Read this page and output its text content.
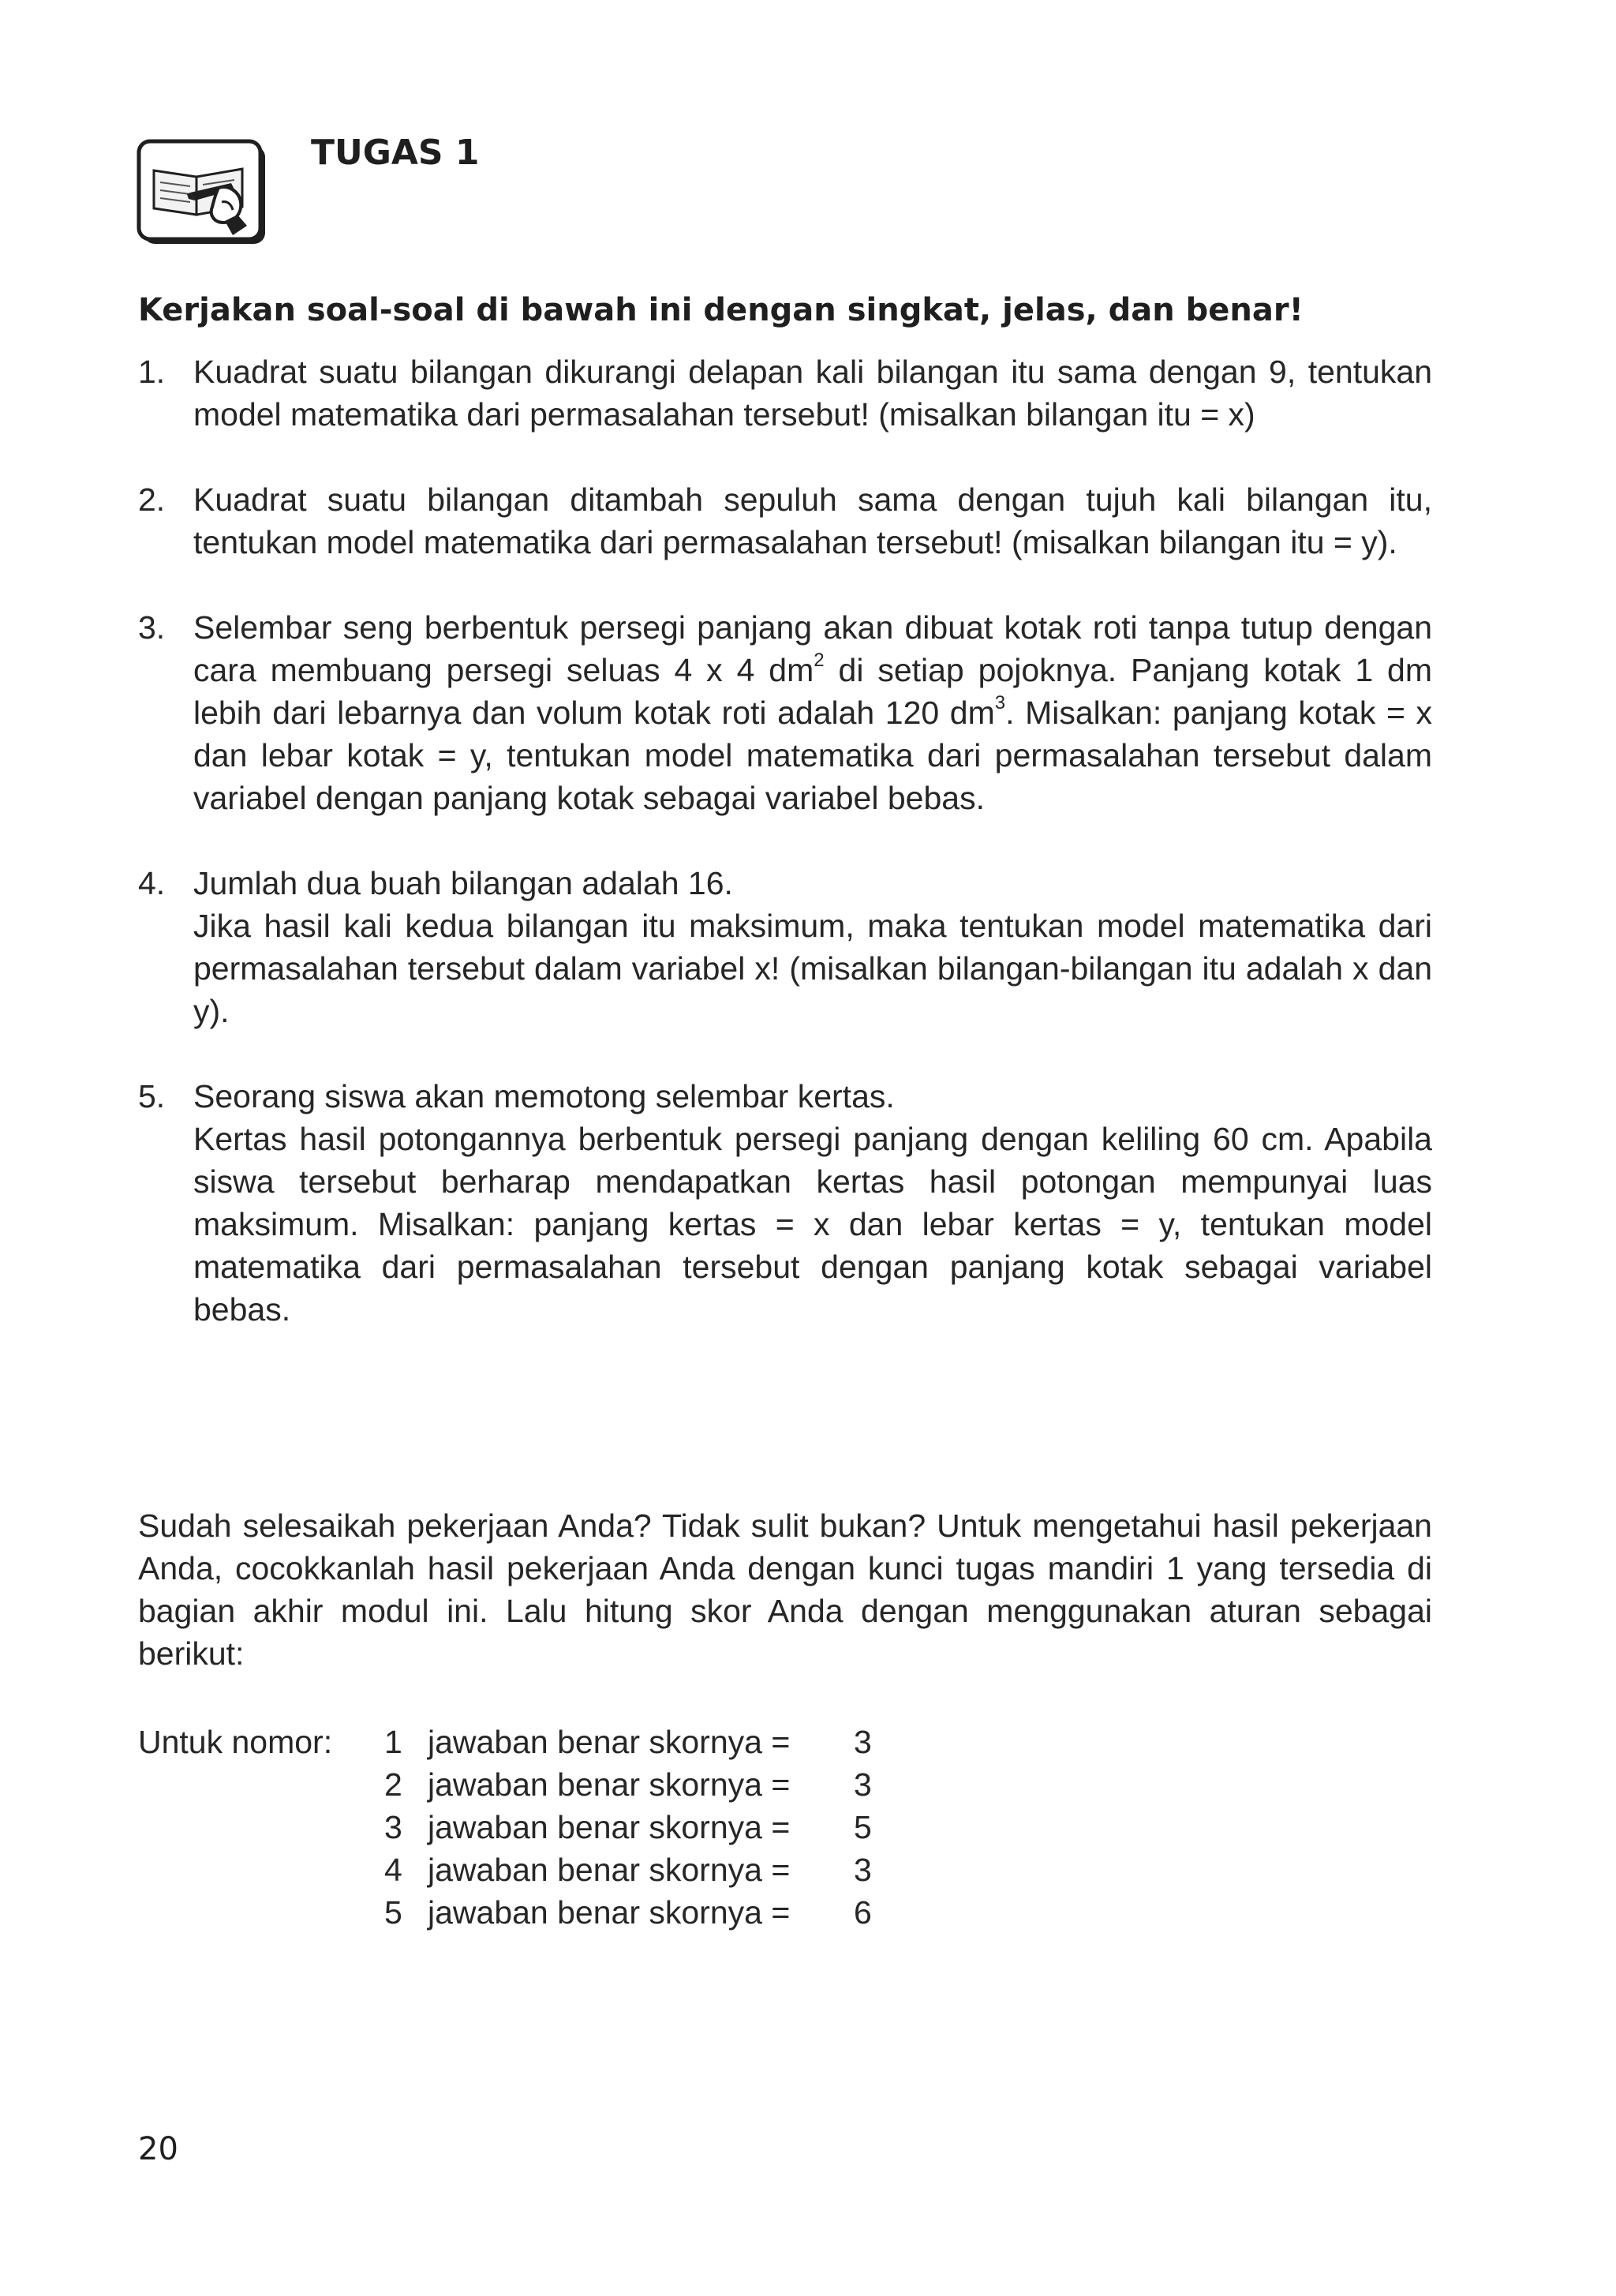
TUGAS 1
Kerjakan soal-soal di bawah ini dengan singkat, jelas, dan benar!
1. Kuadrat suatu bilangan dikurangi delapan kali bilangan itu sama dengan 9, tentukan model matematika dari permasalahan tersebut! (misalkan bilangan itu = x)
2. Kuadrat suatu bilangan ditambah sepuluh sama dengan tujuh kali bilangan itu, tentukan model matematika dari permasalahan tersebut! (misalkan bilangan itu = y).
3. Selembar seng berbentuk persegi panjang akan dibuat kotak roti tanpa tutup dengan cara membuang persegi seluas 4 x 4 $dm^2$ di setiap pojoknya. Panjang kotak 1 dm lebih dari lebarnya dan volum kotak roti adalah 120 $dm^3$. Misalkan: panjang kotak = x dan lebar kotak = y, tentukan model matematika dari permasalahan tersebut dalam variabel dengan panjang kotak sebagai variabel bebas.
4. Jumlah dua buah bilangan adalah 16.
Jika hasil kali kedua bilangan itu maksimum, maka tentukan model matematika dari permasalahan tersebut dalam variabel x! (misalkan bilangan-bilangan itu adalah x dan y).
5. Seorang siswa akan memotong selembar kertas.
Kertas hasil potongannya berbentuk persegi panjang dengan keliling 60 cm. Apabila siswa tersebut berharap mendapatkan kertas hasil potongan mempunyai luas maksimum. Misalkan: panjang kertas = x dan lebar kertas = y, tentukan model matematika dari permasalahan tersebut dengan panjang kotak sebagai variabel bebas.

Sudah selesaikah pekerjaan Anda? Tidak sulit bukan? Untuk mengetahui hasil pekerjaan Anda, cocokkanlah hasil pekerjaan Anda dengan kunci tugas mandiri 1 yang tersedia di bagian akhir modul ini. Lalu hitung skor Anda dengan menggunakan aturan sebagai berikut:

Untuk nomor:	1	jawaban benar skornya =	3
	2	jawaban benar skornya =	3
	3	jawaban benar skornya =	5
	4	jawaban benar skornya =	3
	5	jawaban benar skornya =	6
20
